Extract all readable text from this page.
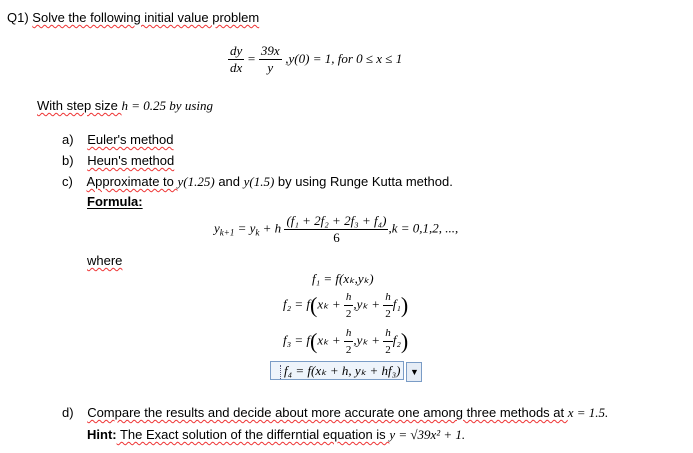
Q1) Solve the following initial value problem
$\frac{dy}{dx} = \frac{39x}{y} ,y(0) = 1$, for 0 ≤ x ≤ 1
With step size h = 0.25 by using
a) Euler's method
b) Heun's method
c) Approximate to y(1.25) and y(1.5) by using Runge Kutta method.
Formula:
$y_{k+1} = y_k + h \frac{\text{(f₁ + 2f₂ + 2f₃ + f₄)}}{6} ,k = 0,1,2$, ...,
where
f₁ = f(xₖ,yₖ)
$f_2 = f(x_k + \frac{h}{2} ,y_k + \frac{h}{2} f_1)$
$f_3 = f(x_k + \frac{h}{2} ,y_k + \frac{h}{2} f_2)$
f₄ = f(xₖ + h, yₖ + hf₃) ▼
d) Compare the results and decide about more accurate one among three methods at x = 1.5.
Hint: The Exact solution of the differntial equation is y = √39x² + 1.
